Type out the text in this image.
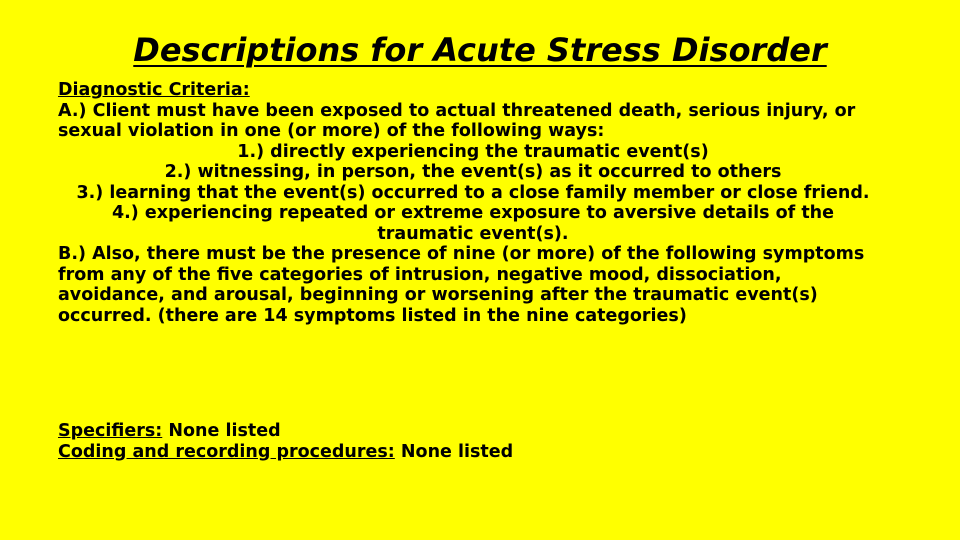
Descriptions for Acute Stress Disorder
Diagnostic Criteria:
A.) Client must have been exposed to actual threatened death, serious injury, or sexual violation in one (or more) of the following ways:
1.) directly experiencing the traumatic event(s)
2.) witnessing, in person, the event(s) as it occurred to others
3.) learning that the event(s) occurred to a close family member or close friend.
4.) experiencing repeated or extreme exposure to aversive details of the traumatic event(s).
B.) Also, there must be the presence of nine (or more) of the following symptoms from any of the five categories of intrusion, negative mood, dissociation, avoidance, and arousal, beginning or worsening after the traumatic event(s) occurred. (there are 14 symptoms listed in the nine categories)
Specifiers: None listed
Coding and recording procedures: None listed
